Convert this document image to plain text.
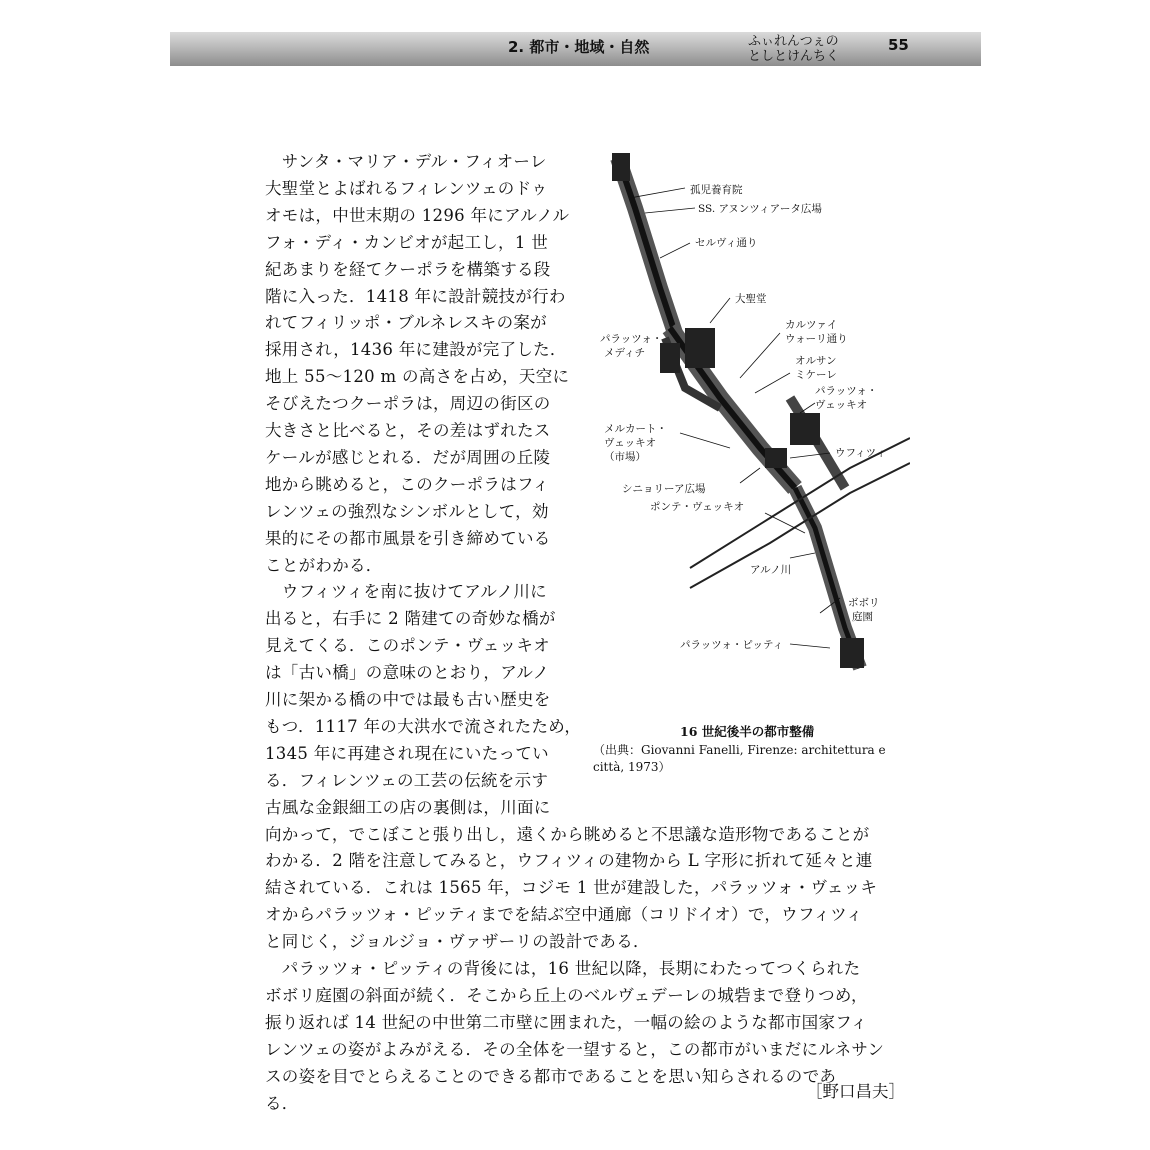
2. 都市・地域・自然	ふぃれんつぇの
としとけんちく
55
　サンタ・マリア・デル・フィオーレ
大聖堂とよばれるフィレンツェのドゥ
オモは，中世末期の 1296 年にアルノル
フォ・ディ・カンビオが起工し，1 世
紀あまりを経てクーポラを構築する段
階に入った．1418 年に設計競技が行わ
れてフィリッポ・ブルネレスキの案が
採用され，1436 年に建設が完了した．
地上 55〜120 m の高さを占め，天空に
そびえたつクーポラは，周辺の街区の
大きさと比べると，その差はずれたス
ケールが感じとれる．だが周囲の丘陵
地から眺めると，このクーポラはフィ
レンツェの強烈なシンボルとして，効
果的にその都市風景を引き締めている
ことがわかる．
　ウフィツィを南に抜けてアルノ川に
出ると，右手に 2 階建ての奇妙な橋が
見えてくる．このポンテ・ヴェッキオ
は「古い橋」の意味のとおり，アルノ
川に架かる橋の中では最も古い歴史を
もつ．1117 年の大洪水で流されたため，
1345 年に再建され現在にいたってい
る．フィレンツェの工芸の伝統を示す
古風な金銀細工の店の裏側は，川面に
向かって，でこぼこと張り出し，遠くから眺めると不思議な造形物であることが
わかる．2 階を注意してみると，ウフィツィの建物から L 字形に折れて延々と連
結されている．これは 1565 年，コジモ 1 世が建設した，パラッツォ・ヴェッキ
オからパラッツォ・ピッティまでを結ぶ空中通廊（コリドイオ）で，ウフィツィ
と同じく，ジョルジョ・ヴァザーリの設計である．
　パラッツォ・ピッティの背後には，16 世紀以降，長期にわたってつくられた
ボボリ庭園の斜面が続く．そこから丘上のベルヴェデーレの城砦まで登りつめ，
振り返れば 14 世紀の中世第二市壁に囲まれた，一幅の絵のような都市国家フィ
レンツェの姿がよみがえる．その全体を一望すると，この都市がいまだにルネサン
スの姿を目でとらえることのできる都市であることを思い知らされるのであ
る．
孤児養育院
SS. アヌンツィアータ広場
セルヴィ通り
大聖堂
パラッツォ・
メディチ
カルツァイ
ウォーリ通り
オルサン
ミケーレ
パラッツォ・
ヴェッキオ
メルカート・
ヴェッキオ
（市場）	ウフィツィ
シニョリーア広場
ポンテ・ヴェッキオ
アルノ川
ボボリ
庭園
パラッツォ・ピッティ
16 世紀後半の都市整備
（出典：Giovanni Fanelli, Firenze: architettura e città, 1973）
［野口昌夫］
